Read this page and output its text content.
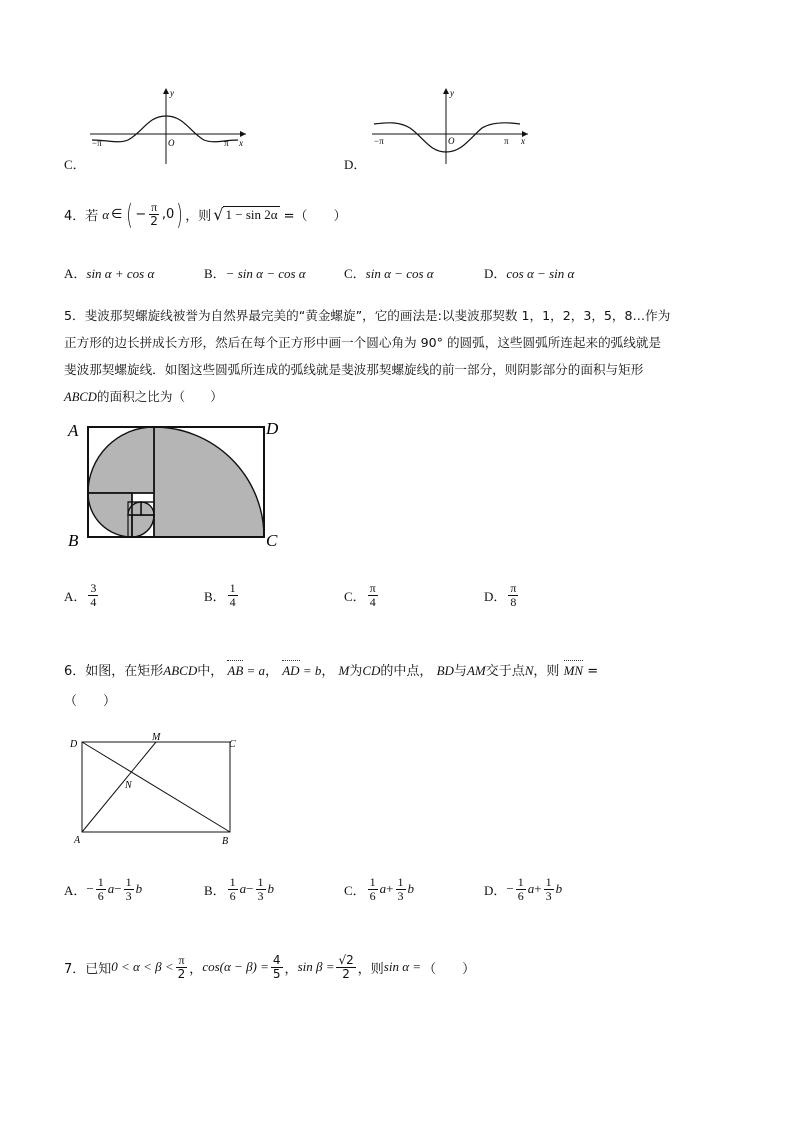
C．
y
O
−π	π x
D．
y
O
−π	π x
4．若 α ∈ ( − $\frac{\pi}{2} ,0$ ) ，则 √ 1 − sin 2α =（　　）
A．sin α + cos α	B．− sin α − cos α	C．sin α − cos α	D．cos α − sin α
5．斐波那契螺旋线被誉为自然界最完美的“黄金螺旋”，它的画法是:以斐波那契数 1，1，2，3，5，8…作为
正方形的边长拼成长方形，然后在每个正方形中画一个圆心角为 90° 的圆弧，这些圆弧所连起来的弧线就是
斐波那契螺旋线．如图这些圆弧所连成的弧线就是斐波那契螺旋线的前一部分，则阴影部分的面积与矩形
ABCD的面积之比为（　　）
A	D
B	C
A． $\frac{3}{4}$	B． $\frac{1}{4}$	C． $\frac{\pi}{4}$	D． $\frac{\pi}{8}$
6．如图，在矩形ABCD中， AB = a， AD = b， M为CD的中点， BD与AM交于点N，则 MN =
（　　）
D
M
C
N
A	B
A． − $\frac{1}{6}$ $a - \frac{1}{3}$ b	B． $\frac{1}{6}$ $a - \frac{1}{3}$ b	C． $\frac{1}{6}$ $a + \frac{1}{3}$ b	D． − $\frac{1}{6}$ $a + \frac{1}{3}$ b
7．已知 $0 < \alpha < \beta < \frac{\pi}{2}$ ， $\cos(\alpha - \beta) = \frac{4}{5}$ ， $\sin \beta = \frac{√2}{2}$ ，则 sin α = （　　）
